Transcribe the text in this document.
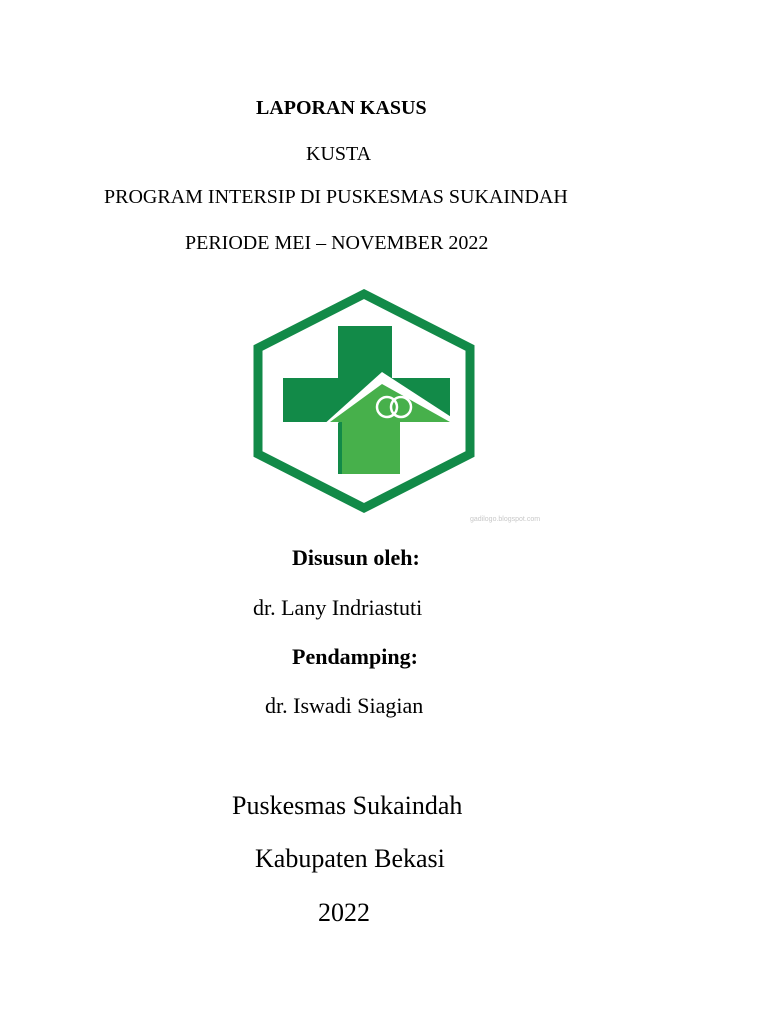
LAPORAN KASUS
KUSTA
PROGRAM INTERSIP DI PUSKESMAS SUKAINDAH
PERIODE MEI – NOVEMBER 2022
gadilogo.blogspot.com
Disusun oleh:
dr. Lany Indriastuti
Pendamping:
dr. Iswadi Siagian
Puskesmas Sukaindah
Kabupaten Bekasi
2022
